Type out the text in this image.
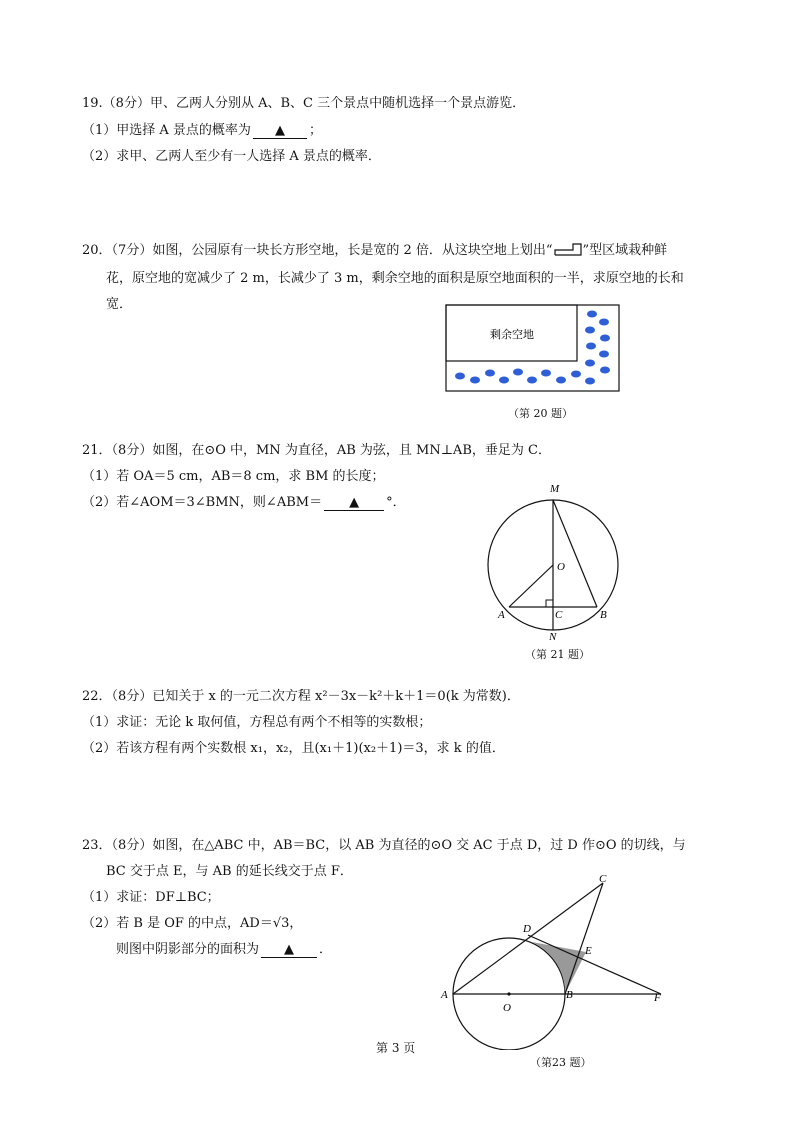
19.（8分）甲、乙两人分别从 A、B、C 三个景点中随机选择一个景点游览．
（1）甲选择 A 景点的概率为 ▲ ；
（2）求甲、乙两人至少有一人选择 A 景点的概率．
20．（7分）如图，公园原有一块长方形空地，长是宽的 2 倍．从这块空地上划出“ ”型区域栽种鲜
花，原空地的宽减少了 2 m，长减少了 3 m，剩余空地的面积是原空地面积的一半，求原空地的长和
宽．
剩余空地
（第 20 题）
21．（8分）如图，在⊙O 中，MN 为直径，AB 为弦，且 MN⊥AB，垂足为 C．
（1）若 OA＝5 cm，AB＝8 cm，求 BM 的长度；
（2）若∠AOM＝3∠BMN，则∠ABM＝ ▲ °．
M
O
A	C	B
N
（第 21 题）
22．（8分）已知关于 x 的一元二次方程 x²－3x－k²＋k＋1＝0(k 为常数)．
（1）求证：无论 k 取何值，方程总有两个不相等的实数根；
（2）若该方程有两个实数根 x₁，x₂，且(x₁＋1)(x₂＋1)＝3，求 k 的值．
23．（8分）如图，在△ABC 中，AB＝BC，以 AB 为直径的⊙O 交 AC 于点 D，过 D 作⊙O 的切线，与
BC 交于点 E，与 AB 的延长线交于点 F．
（1）求证：DF⊥BC；
（2）若 B 是 OF 的中点，AD＝√3，
则图中阴影部分的面积为 ▲ ．
A
O
B	F
D
E
C
（第23 题）
第 3 页
